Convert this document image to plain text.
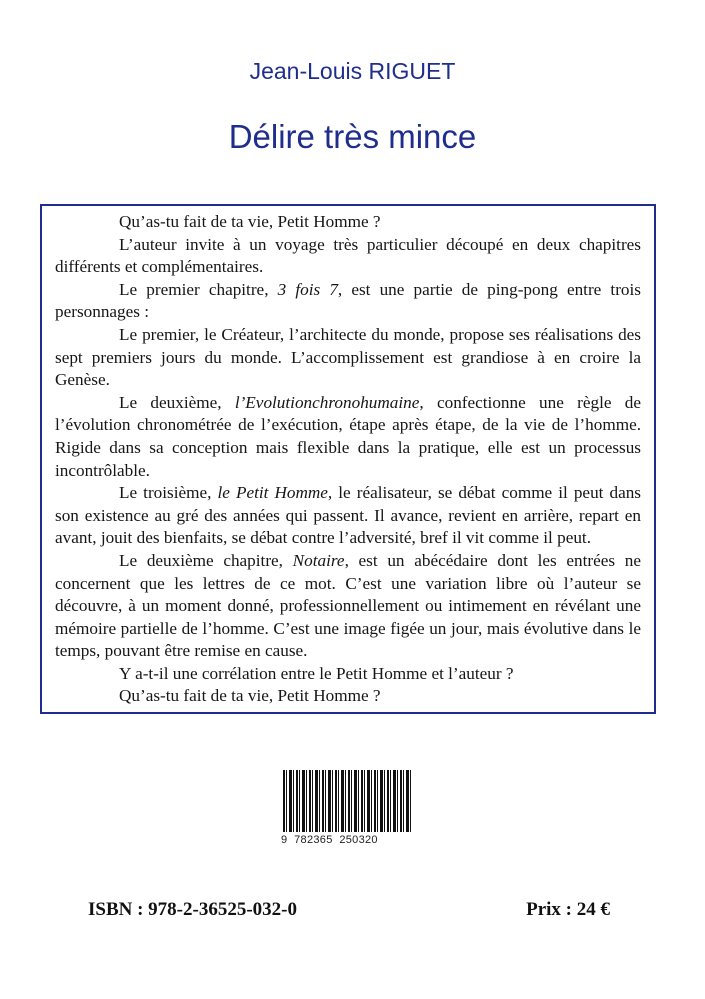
Jean-Louis RIGUET
Délire très mince

Qu’as-tu fait de ta vie, Petit Homme ?

L’auteur invite à un voyage très particulier découpé en deux chapitres différents et complémentaires.

Le premier chapitre, 3 fois 7, est une partie de ping-pong entre trois personnages :

Le premier, le Créateur, l’architecte du monde, propose ses réalisations des sept premiers jours du monde. L’accomplissement est grandiose à en croire la Genèse.

Le deuxième, l’Evolutionchronohumaine, confectionne une règle de l’évolution chronométrée de l’exécution, étape après étape, de la vie de l’homme. Rigide dans sa conception mais flexible dans la pratique, elle est un processus incontrôlable.

Le troisième, le Petit Homme, le réalisateur, se débat comme il peut dans son existence au gré des années qui passent. Il avance, revient en arrière, repart en avant, jouit des bienfaits, se débat contre l’adversité, bref il vit comme il peut.

Le deuxième chapitre, Notaire, est un abécédaire dont les entrées ne concernent que les lettres de ce mot. C’est une variation libre où l’auteur se découvre, à un moment donné, professionnellement ou intimement en révélant une mémoire partielle de l’homme. C’est une image figée un jour, mais évolutive dans le temps, pouvant être remise en cause.

Y a-t-il une corrélation entre le Petit Homme et l’auteur ?

Qu’as-tu fait de ta vie, Petit Homme ?

9  782365  250320
ISBN : 978-2-36525-032-0	Prix : 24 €
